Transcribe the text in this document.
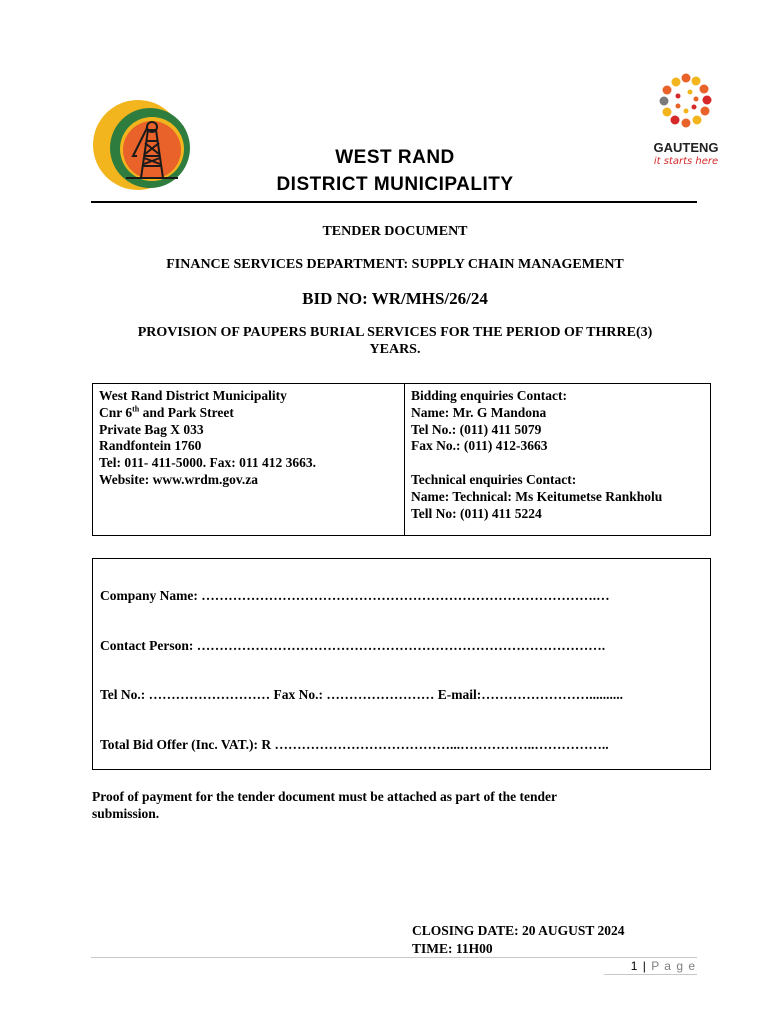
GAUTENG
it starts here
WEST RAND
DISTRICT MUNICIPALITY
TENDER DOCUMENT
FINANCE SERVICES DEPARTMENT: SUPPLY CHAIN MANAGEMENT
BID NO: WR/MHS/26/24
PROVISION OF PAUPERS BURIAL SERVICES FOR THE PERIOD OF THRRE(3)
YEARS.
West Rand District Municipality
Cnr 6th and Park Street
Private Bag X 033
Randfontein 1760
Tel: 011- 411-5000. Fax: 011 412 3663.
Website: www.wrdm.gov.za
Bidding enquiries Contact:
Name: Mr. G Mandona
Tel No.: (011) 411 5079
Fax No.: (011) 412-3663
Technical enquiries Contact:
Name: Technical: Ms Keitumetse Rankholu
Tell No: (011) 411 5224
Company Name: …………………………………………………………………………….…
Contact Person: ……………………………………………………………………………….
Tel No.: ……………………… Fax No.: …………………… E-mail:……………………..........
Total Bid Offer (Inc. VAT.): R …………………………………...……………..……………..
Proof of payment for the tender document must be attached as part of the tender
submission.
CLOSING DATE: 20 AUGUST 2024
TIME: 11H00
1 | P a g e
